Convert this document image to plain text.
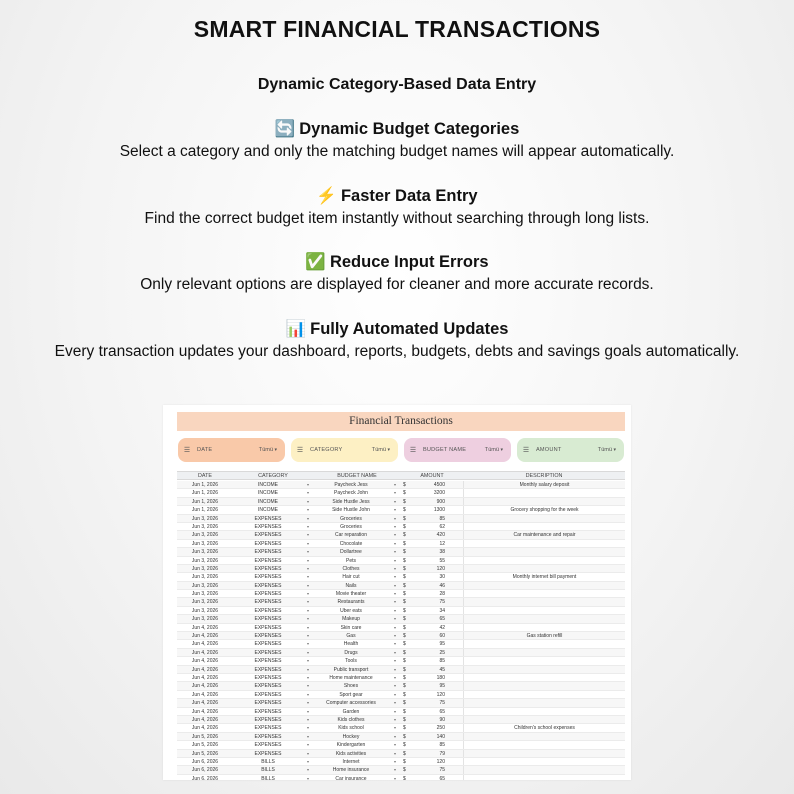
SMART FINANCIAL TRANSACTIONS
Dynamic Category-Based Data Entry
🔄 Dynamic Budget Categories
Select a category and only the matching budget names will appear automatically.
⚡ Faster Data Entry
Find the correct budget item instantly without searching through long lists.
✅ Reduce Input Errors
Only relevant options are displayed for cleaner and more accurate records.
📊 Fully Automated Updates
Every transaction updates your dashboard, reports, budgets, debts and savings goals automatically.
Financial Transactions
☰ DATE	Tümü ▾	☰ CATEGORY	Tümü ▾	☰ BUDGET NAME	Tümü ▾	☰ AMOUNT	Tümü ▾
DATE	CATEGORY	BUDGET NAME	AMOUNT	DESCRIPTION
Jun 1, 2026	INCOME	▾	Paycheck Jess	▾	$	4500	Monthly salary deposit
Jun 1, 2026	INCOME	▾	Paycheck John	▾	$	3200
Jun 1, 2026	INCOME	▾	Side Hustle Jess	▾	$	900
Jun 1, 2026	INCOME	▾	Side Hustle John	▾	$	1300	Grocery shopping for the week
Jun 3, 2026	EXPENSES	▾	Groceries	▾	$	85
Jun 3, 2026	EXPENSES	▾	Groceries	▾	$	62
Jun 3, 2026	EXPENSES	▾	Car reparation	▾	$	420	Car maintenance and repair
Jun 3, 2026	EXPENSES	▾	Chocolate	▾	$	12
Jun 3, 2026	EXPENSES	▾	Dollartree	▾	$	38
Jun 3, 2026	EXPENSES	▾	Pets	▾	$	55
Jun 3, 2026	EXPENSES	▾	Clothes	▾	$	120
Jun 3, 2026	EXPENSES	▾	Hair cut	▾	$	30	Monthly internet bill payment
Jun 3, 2026	EXPENSES	▾	Nails	▾	$	46
Jun 3, 2026	EXPENSES	▾	Movie theater	▾	$	28
Jun 3, 2026	EXPENSES	▾	Restaurants	▾	$	75
Jun 3, 2026	EXPENSES	▾	Uber eats	▾	$	34
Jun 3, 2026	EXPENSES	▾	Makeup	▾	$	65
Jun 4, 2026	EXPENSES	▾	Skin care	▾	$	42
Jun 4, 2026	EXPENSES	▾	Gas	▾	$	60	Gas station refill
Jun 4, 2026	EXPENSES	▾	Health	▾	$	95
Jun 4, 2026	EXPENSES	▾	Drugs	▾	$	25
Jun 4, 2026	EXPENSES	▾	Tools	▾	$	85
Jun 4, 2026	EXPENSES	▾	Public transport	▾	$	45
Jun 4, 2026	EXPENSES	▾	Home maintenance	▾	$	180
Jun 4, 2026	EXPENSES	▾	Shoes	▾	$	95
Jun 4, 2026	EXPENSES	▾	Sport gear	▾	$	120
Jun 4, 2026	EXPENSES	▾	Computer accessories	▾	$	75
Jun 4, 2026	EXPENSES	▾	Garden	▾	$	65
Jun 4, 2026	EXPENSES	▾	Kids clothes	▾	$	90
Jun 4, 2026	EXPENSES	▾	Kids school	▾	$	250	Children's school expenses
Jun 5, 2026	EXPENSES	▾	Hockey	▾	$	140
Jun 5, 2026	EXPENSES	▾	Kindergarten	▾	$	85
Jun 5, 2026	EXPENSES	▾	Kids activities	▾	$	79
Jun 6, 2026	BILLS	▾	Internet	▾	$	120
Jun 6, 2026	BILLS	▾	Home insurance	▾	$	75
Jun 6, 2026	BILLS	▾	Car insurance	▾	$	65
